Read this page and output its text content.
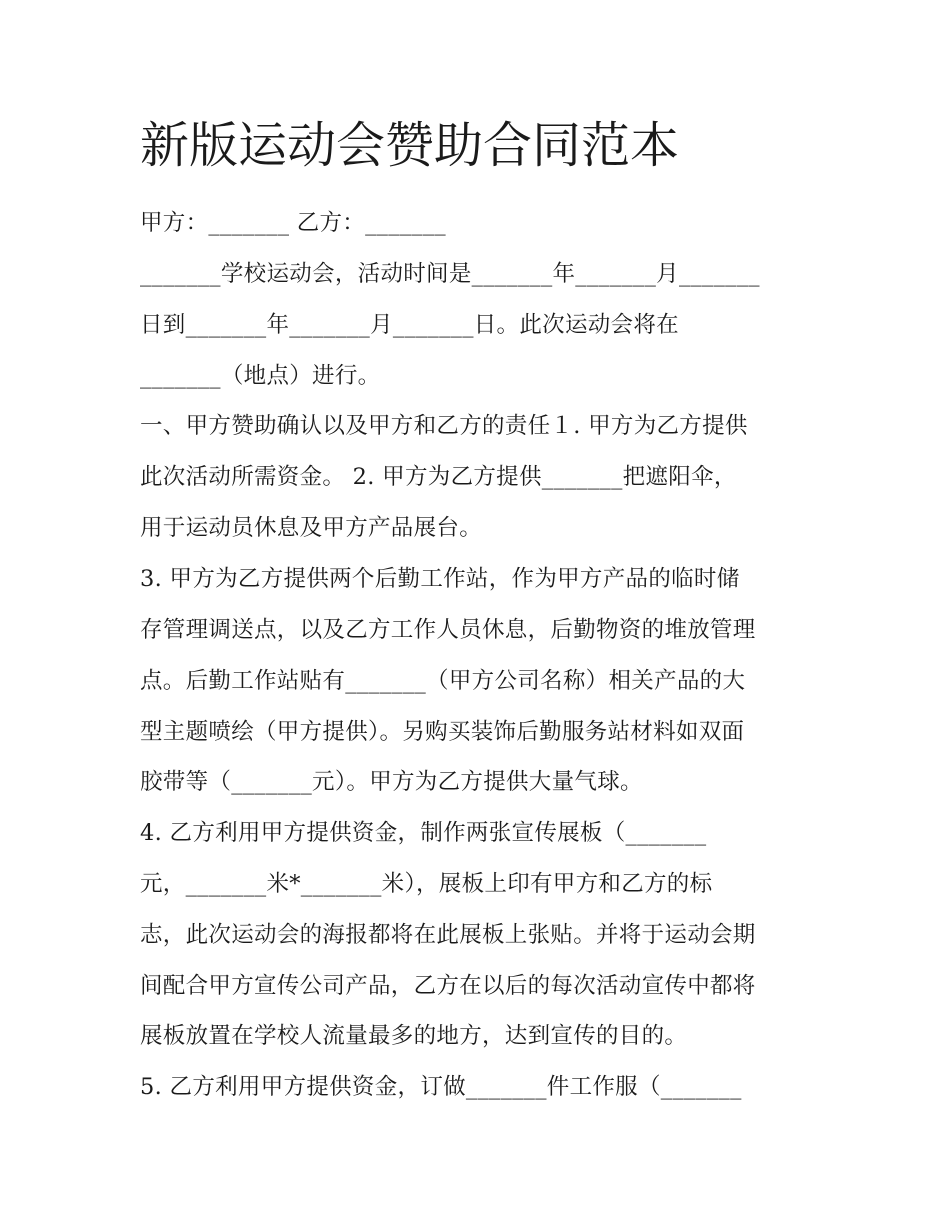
新版运动会赞助合同范本

甲方：_______ 乙方：_______

_______学校运动会，活动时间是_______年_______月_______

日到_______年_______月_______日。此次运动会将在

_______（地点）进行。

一、甲方赞助确认以及甲方和乙方的责任１. 甲方为乙方提供

此次活动所需资金。 2. 甲方为乙方提供_______把遮阳伞，

用于运动员休息及甲方产品展台。

3. 甲方为乙方提供两个后勤工作站，作为甲方产品的临时储

存管理调送点，以及乙方工作人员休息，后勤物资的堆放管理

点。后勤工作站贴有_______（甲方公司名称）相关产品的大

型主题喷绘（甲方提供）。另购买装饰后勤服务站材料如双面

胶带等（_______元）。甲方为乙方提供大量气球。

4. 乙方利用甲方提供资金，制作两张宣传展板（_______

元，_______米*_______米），展板上印有甲方和乙方的标

志，此次运动会的海报都将在此展板上张贴。并将于运动会期

间配合甲方宣传公司产品，乙方在以后的每次活动宣传中都将

展板放置在学校人流量最多的地方，达到宣传的目的。

5. 乙方利用甲方提供资金，订做_______件工作服（_______
